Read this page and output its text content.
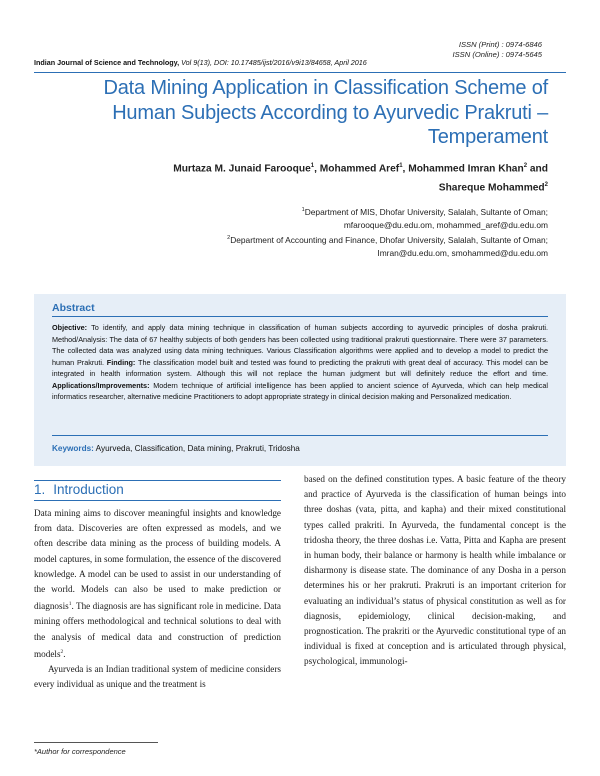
ISSN (Print) : 0974-6846
ISSN (Online) : 0974-5645
Indian Journal of Science and Technology, Vol 9(13), DOI: 10.17485/ijst/2016/v9i13/84658, April 2016
Data Mining Application in Classification Scheme of Human Subjects According to Ayurvedic Prakruti – Temperament
Murtaza M. Junaid Farooque$^1$, Mohammed Aref$^1$, Mohammed Imran Khan$^2$ and
Shareque Mohammed$^2$
$^1$Department of MIS, Dhofar University, Salalah, Sultante of Oman;
mfarooque@du.edu.om, mohammed_aref@du.edu.om
$^2$Department of Accounting and Finance, Dhofar University, Salalah, Sultante of Oman;
Imran@du.edu.om, smohammed@du.edu.om
Abstract
Objective: To identify, and apply data mining technique in classification of human subjects according to ayurvedic principles of dosha prakruti. Method/Analysis: The data of 67 healthy subjects of both genders has been collected using traditional prakruti questionnaire. There were 37 parameters. The collected data was analyzed using data mining techniques. Various Classification algorithms were applied and to develop a model to predict the human Prakruti. Finding: The classification model built and tested was found to predicting the prakruti with great deal of accuracy. This model can be integrated in health information system. Although this will not replace the human judgment but will definitely reduce the effort and time. Applications/Improvements: Modern technique of artificial intelligence has been applied to ancient science of Ayurveda, which can help medical informatics researcher, alternative medicine Practitioners to adopt appropriate strategy in clinical decision making and Personalized medication.
Keywords: Ayurveda, Classification, Data mining, Prakruti, Tridosha
1. Introduction

Data mining aims to discover meaningful insights and knowledge from data. Discoveries are often expressed as models, and we often describe data mining as the process of building models. A model captures, in some formulation, the essence of the discovered knowledge. A model can be used to assist in our understanding of the world. Models can also be used to make prediction or diagnosis$^1$. The diagnosis are has significant role in medicine. Data mining offers methodological and technical solutions to deal with the analysis of medical data and construction of prediction models$^2$.

Ayurveda is an Indian traditional system of medicine considers every individual as unique and the treatment is

based on the defined constitution types. A basic feature of the theory and practice of Ayurveda is the classification of human beings into three doshas (vata, pitta, and kapha) and their mixed constitutional types called prakriti. In Ayurveda, the fundamental concept is the tridosha theory, the three doshas i.e. Vatta, Pitta and Kapha are present in human body, their balance or harmony is health while imbalance or disharmony is disease state. The dominance of any Dosha in a person determines his or her prakruti. Prakruti is an important criterion for evaluating an individual’s status of physical constitution as well as for diagnosis, epidemiology, clinical decision-making, and prognostication. The prakriti or the Ayurvedic constitutional type of an individual is fixed at conception and is articulated through physical, psychological, immunologi-

*Author for correspondence
